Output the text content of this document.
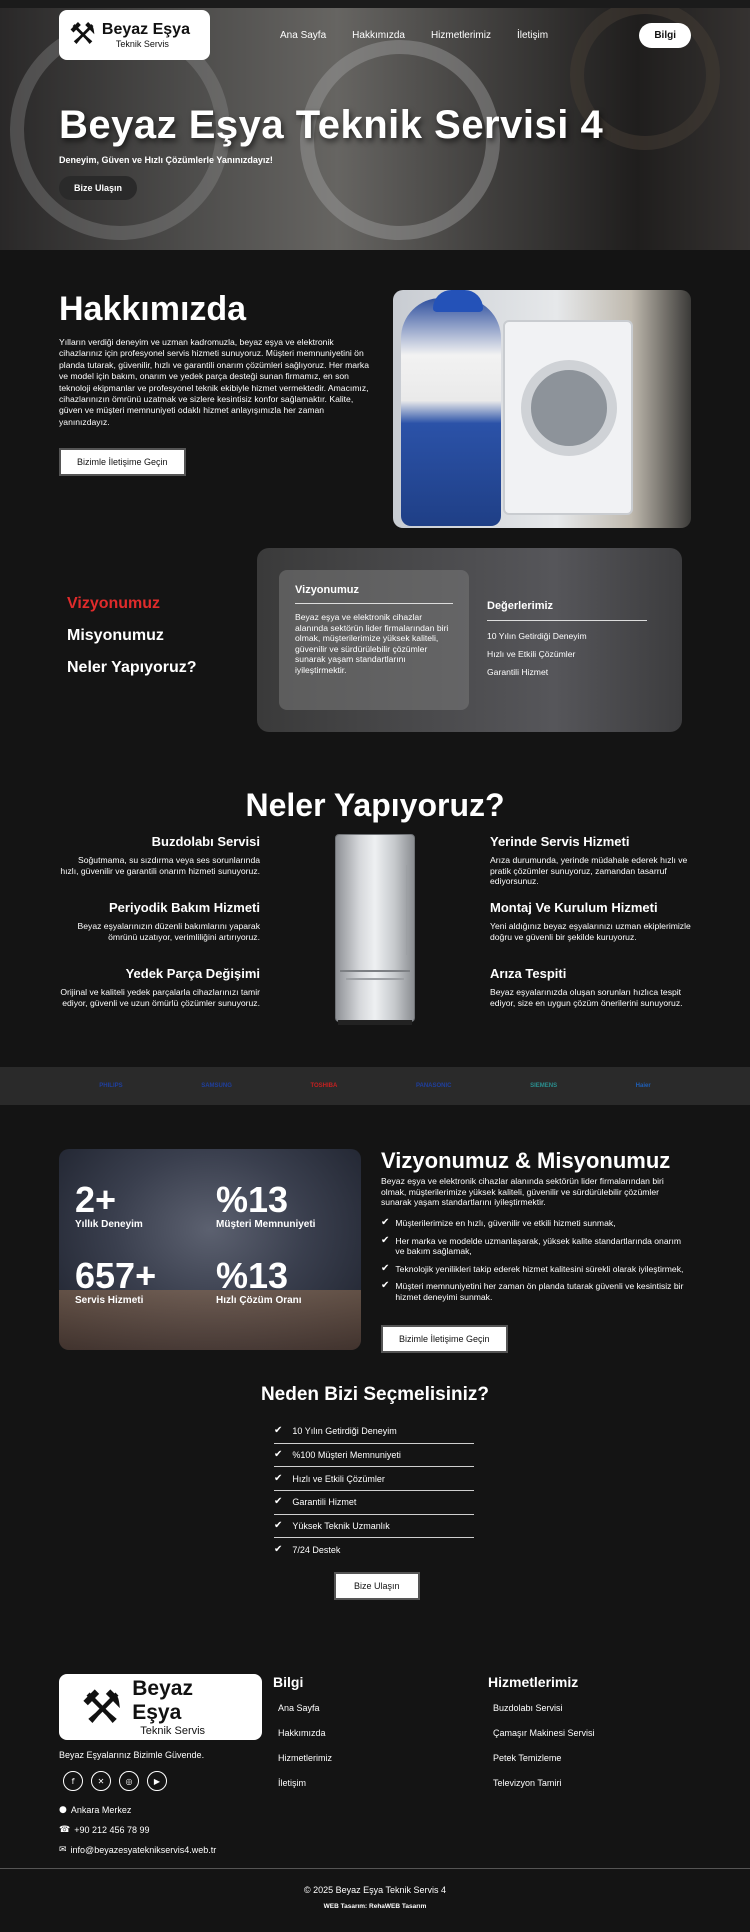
⚒ Beyaz Eşya
Teknik Servis
Ana Sayfa	Hakkımızda	Hizmetlerimiz	İletişim	Bilgi
Beyaz Eşya Teknik Servisi 4
Deneyim, Güven ve Hızlı Çözümlerle Yanınızdayız!
Bize Ulaşın
Hakkımızda

Yılların verdiği deneyim ve uzman kadromuzla, beyaz eşya ve elektronik cihazlarınız için profesyonel servis hizmeti sunuyoruz. Müşteri memnuniyetini ön planda tutarak, güvenilir, hızlı ve garantili onarım çözümleri sağlıyoruz. Her marka ve model için bakım, onarım ve yedek parça desteği sunan firmamız, en son teknoloji ekipmanlar ve profesyonel teknik ekibiyle hizmet vermektedir. Amacımız, cihazlarınızın ömrünü uzatmak ve sizlere kesintisiz konfor sağlamaktır. Kalite, güven ve müşteri memnuniyeti odaklı hizmet anlayışımızla her zaman yanınızdayız.

Bizimle İletişime Geçin
Vizyonumuz
Misyonumuz
Neler Yapıyoruz?
Vizyonumuz

Beyaz eşya ve elektronik cihazlar alanında sektörün lider firmalarından biri olmak, müşterilerimize yüksek kaliteli, güvenilir ve sürdürülebilir çözümler sunarak yaşam standartlarını iyileştirmektir.

Değerlerimiz
10 Yılın Getirdiği Deneyim
Hızlı ve Etkili Çözümler
Garantili Hizmet
Neler Yapıyoruz?
Buzdolabı Servisi

Soğutmama, su sızdırma veya ses sorunlarında hızlı, güvenilir ve garantili onarım hizmeti sunuyoruz.

Periyodik Bakım Hizmeti

Beyaz eşyalarınızın düzenli bakımlarını yaparak ömrünü uzatıyor, verimliliğini artırıyoruz.

Yedek Parça Değişimi

Orijinal ve kaliteli yedek parçalarla cihazlarınızı tamir ediyor, güvenli ve uzun ömürlü çözümler sunuyoruz.

Yerinde Servis Hizmeti

Arıza durumunda, yerinde müdahale ederek hızlı ve pratik çözümler sunuyoruz, zamandan tasarruf ediyorsunuz.

Montaj Ve Kurulum Hizmeti

Yeni aldığınız beyaz eşyalarınızı uzman ekiplerimizle doğru ve güvenli bir şekilde kuruyoruz.

Arıza Tespiti

Beyaz eşyalarınızda oluşan sorunları hızlıca tespit ediyor, size en uygun çözüm önerilerini sunuyoruz.

PHILIPS	SAMSUNG	TOSHIBA	PANASONIC	SIEMENS	Haier
2+
Yıllık Deneyim
%13
Müşteri Memnuniyeti
657+
Servis Hizmeti
%13
Hızlı Çözüm Oranı
Vizyonumuz & Misyonumuz

Beyaz eşya ve elektronik cihazlar alanında sektörün lider firmalarından biri olmak, müşterilerimize yüksek kaliteli, güvenilir ve sürdürülebilir çözümler sunarak yaşam standartlarını iyileştirmektir.

✔ Müşterilerimize en hızlı, güvenilir ve etkili hizmeti sunmak,
✔ Her marka ve modelde uzmanlaşarak, yüksek kalite standartlarında onarım ve bakım sağlamak,
✔ Teknolojik yenilikleri takip ederek hizmet kalitesini sürekli olarak iyileştirmek,
✔ Müşteri memnuniyetini her zaman ön planda tutarak güvenli ve kesintisiz bir hizmet deneyimi sunmak.
Bizimle İletişime Geçin
Neden Bizi Seçmelisiniz?
✔ 10 Yılın Getirdiği Deneyim
✔ %100 Müşteri Memnuniyeti
✔ Hızlı ve Etkili Çözümler
✔ Garantili Hizmet
✔ Yüksek Teknik Uzmanlık
✔ 7/24 Destek
Bize Ulaşın
⚒ Beyaz Eşya
Teknik Servis
Beyaz Eşyalarınız Bizimle Güvende.
f	✕	◎	▶
● Ankara Merkez
☎ +90 212 456 78 99
✉ info@beyazesyateknikservis4.web.tr
Bilgi
Ana Sayfa
Hakkımızda
Hizmetlerimiz
İletişim
Hizmetlerimiz
Buzdolabı Servisi
Çamaşır Makinesi Servisi
Petek Temizleme
Televizyon Tamiri
© 2025 Beyaz Eşya Teknik Servis 4
WEB Tasarım: RehaWEB Tasarım
